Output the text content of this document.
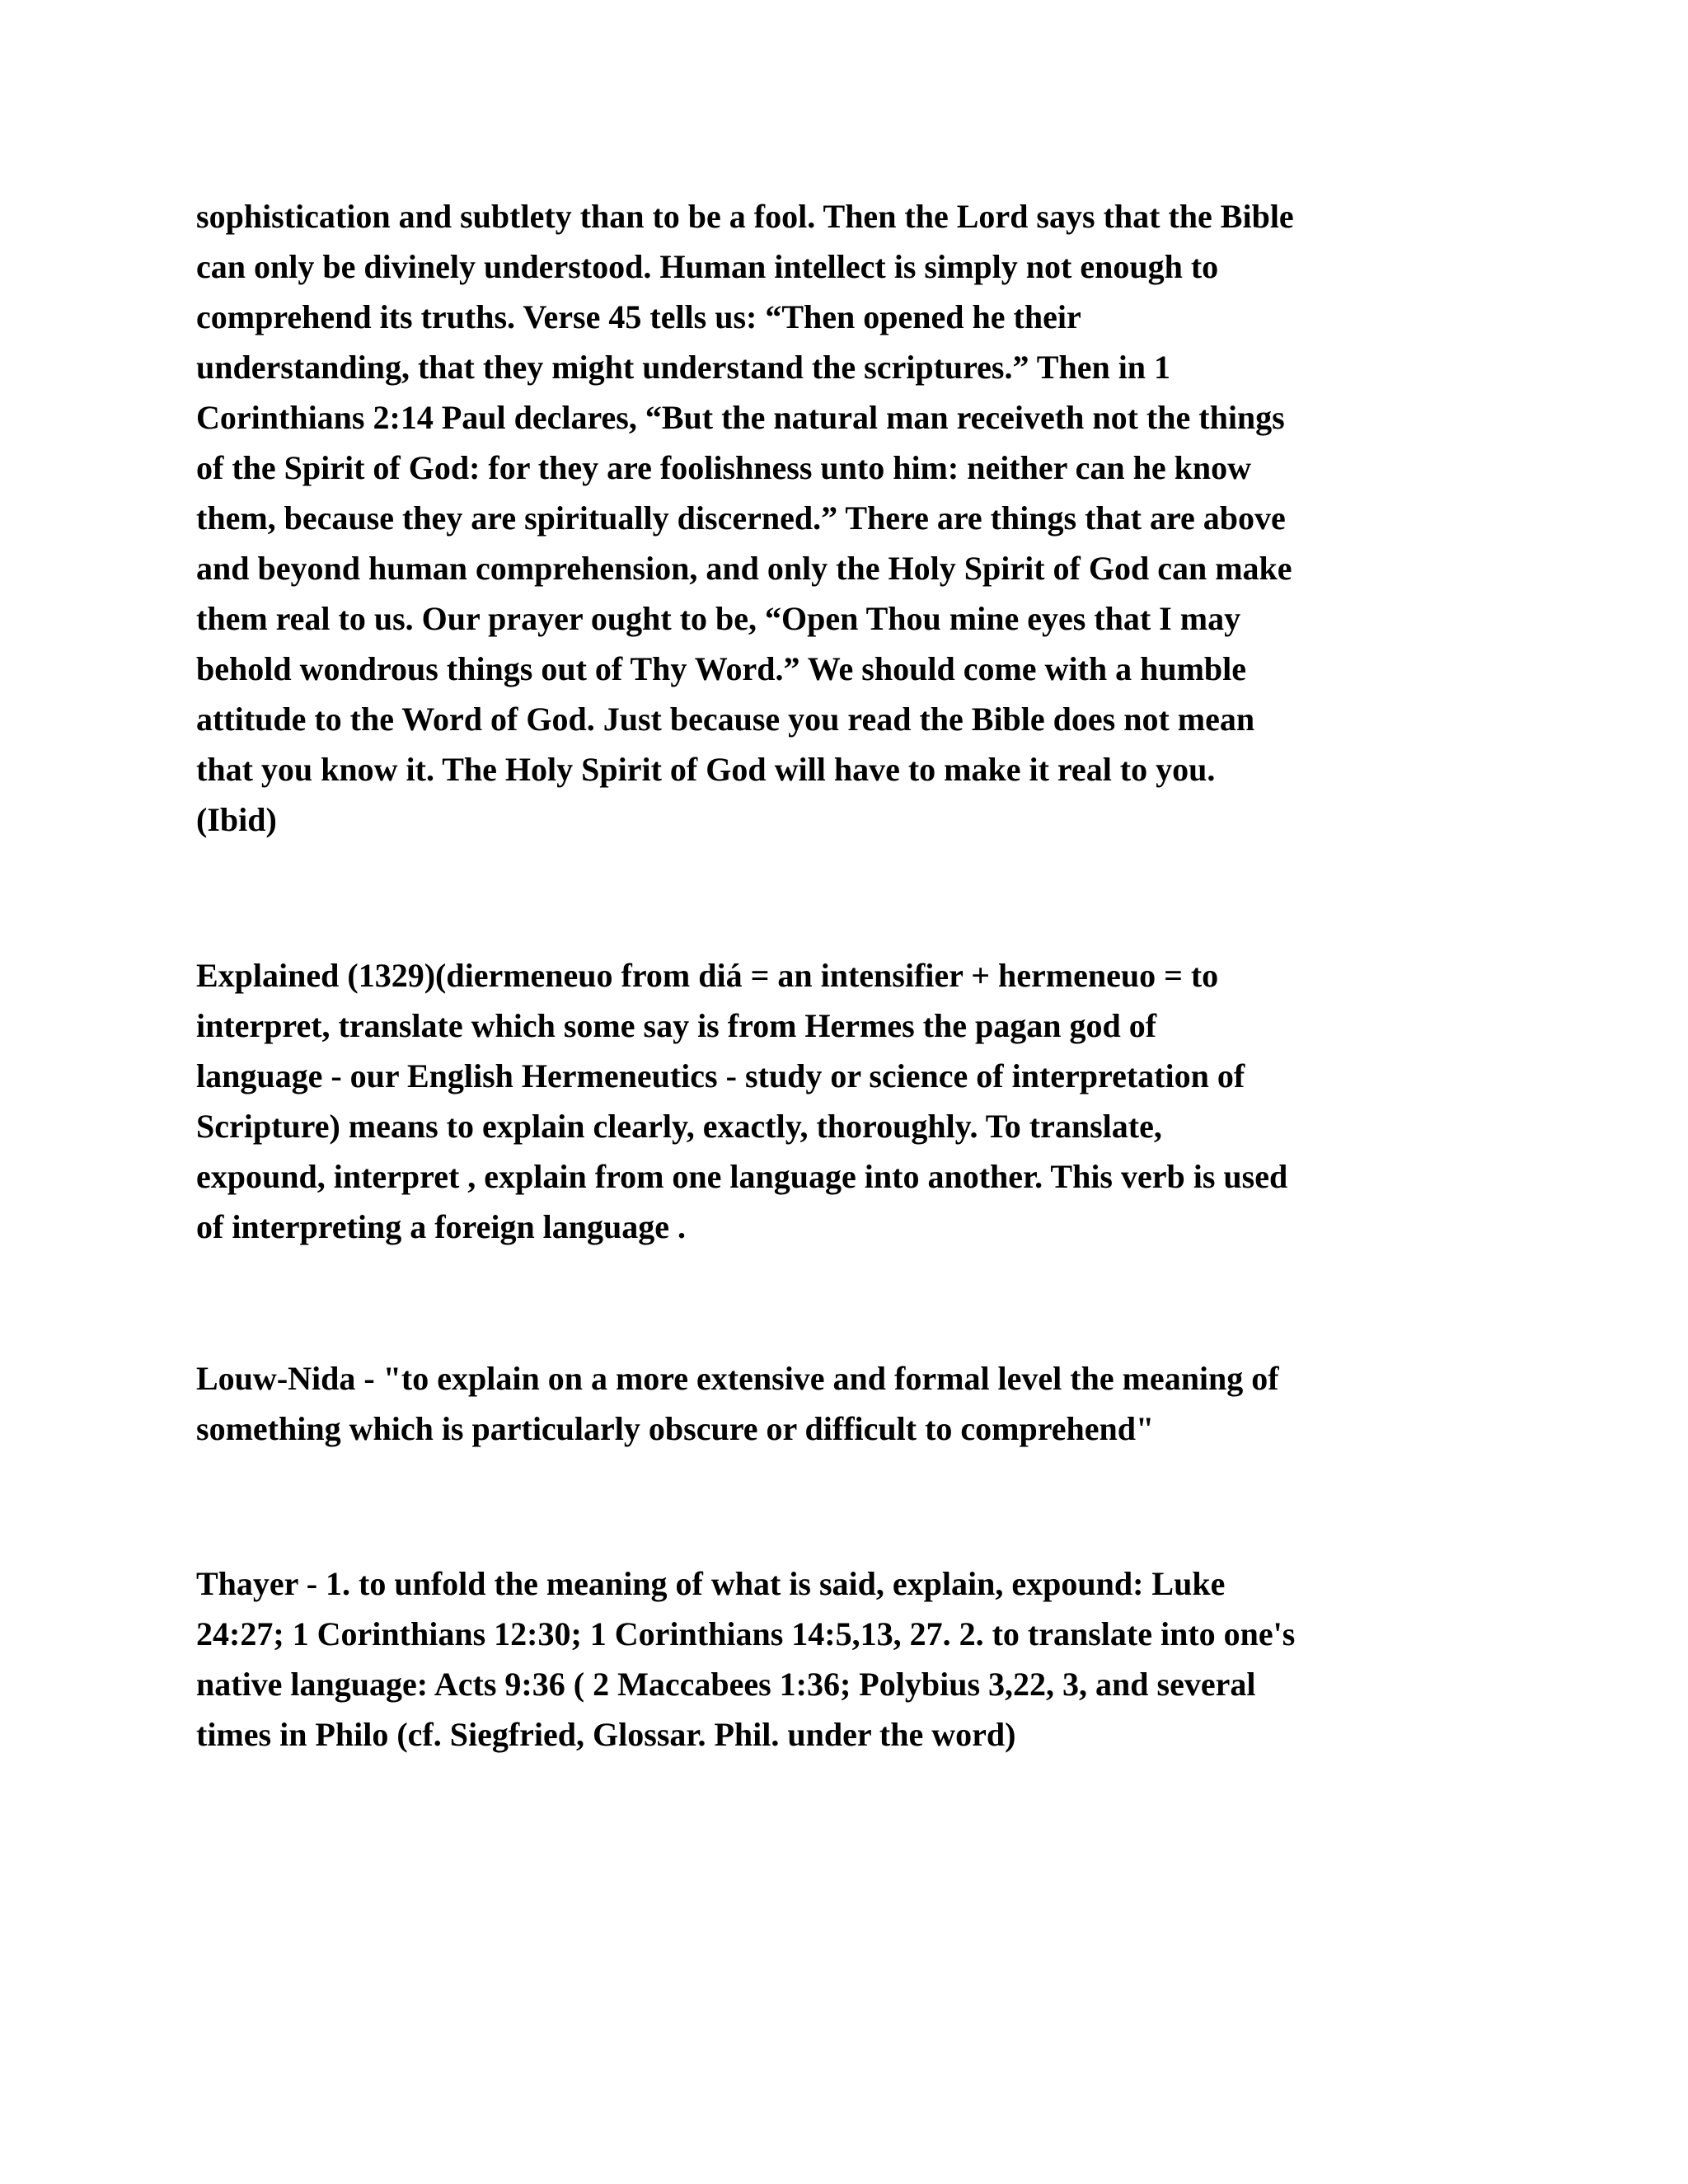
sophistication and subtlety than to be a fool. Then the Lord says that the Bible
can only be divinely understood. Human intellect is simply not enough to
comprehend its truths. Verse 45 tells us: “Then opened he their
understanding, that they might understand the scriptures.” Then in 1
Corinthians 2:14 Paul declares, “But the natural man receiveth not the things
of the Spirit of God: for they are foolishness unto him: neither can he know
them, because they are spiritually discerned.” There are things that are above
and beyond human comprehension, and only the Holy Spirit of God can make
them real to us. Our prayer ought to be, “Open Thou mine eyes that I may
behold wondrous things out of Thy Word.” We should come with a humble
attitude to the Word of God. Just because you read the Bible does not mean
that you know it. The Holy Spirit of God will have to make it real to you.
(Ibid)

Explained (1329)(diermeneuo from diá = an intensifier + hermeneuo = to
interpret, translate which some say is from Hermes the pagan god of
language - our English Hermeneutics - study or science of interpretation of
Scripture) means to explain clearly, exactly, thoroughly. To translate,
expound, interpret , explain from one language into another. This verb is used
of interpreting a foreign language .

Louw-Nida - "to explain on a more extensive and formal level the meaning of
something which is particularly obscure or difficult to comprehend"

Thayer - 1. to unfold the meaning of what is said, explain, expound: Luke
24:27; 1 Corinthians 12:30; 1 Corinthians 14:5,13, 27. 2. to translate into one's
native language: Acts 9:36 ( 2 Maccabees 1:36; Polybius 3,22, 3, and several
times in Philo (cf. Siegfried, Glossar. Phil. under the word)
